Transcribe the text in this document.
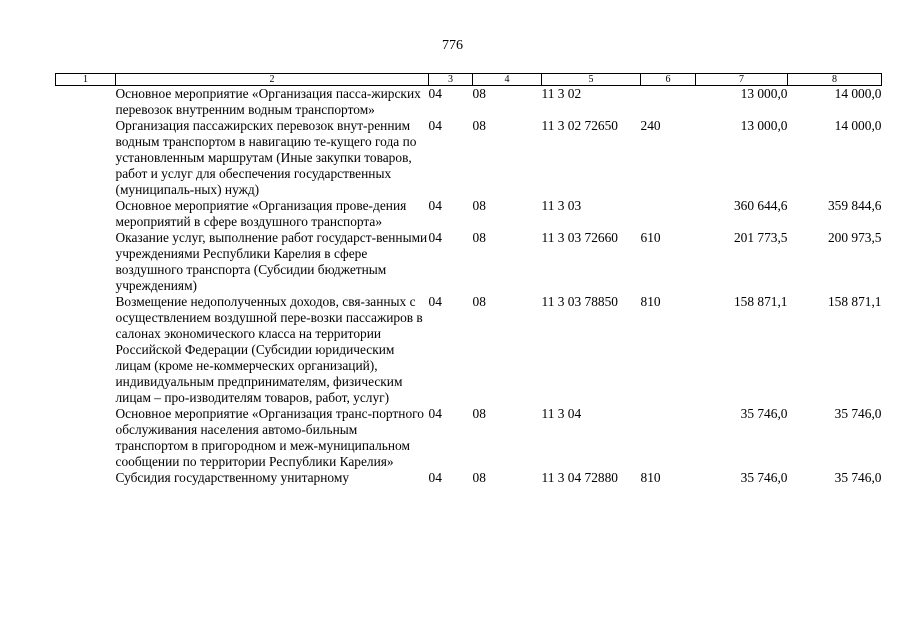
776
1	2	3	4	5	6	7	8
	Основное мероприятие «Организация пасса-жирских перевозок внутренним водным транспортом»	04	08	11 3 02		13 000,0	14 000,0
	Организация пассажирских перевозок внут-ренним водным транспортом в навигацию те-кущего года по установленным маршрутам (Иные закупки товаров, работ и услуг для обеспечения государственных (муниципаль-ных) нужд)	04	08	11 3 02 72650	240	13 000,0	14 000,0
	Основное мероприятие «Организация прове-дения мероприятий в сфере воздушного транспорта»	04	08	11 3 03		360 644,6	359 844,6
	Оказание услуг, выполнение работ государст-венными учреждениями Республики Карелия в сфере воздушного транспорта (Субсидии бюджетным учреждениям)	04	08	11 3 03 72660	610	201 773,5	200 973,5
	Возмещение недополученных доходов, свя-занных с осуществлением воздушной пере-возки пассажиров в салонах экономического класса на территории Российской Федерации (Субсидии юридическим лицам (кроме не-коммерческих организаций), индивидуальным предпринимателям, физическим лицам – про-изводителям товаров, работ, услуг)	04	08	11 3 03 78850	810	158 871,1	158 871,1
	Основное мероприятие «Организация транс-портного обслуживания населения автомо-бильным транспортом в пригородном и меж-муниципальном сообщении по территории Республики Карелия»	04	08	11 3 04		35 746,0	35 746,0
	Субсидия государственному унитарному	04	08	11 3 04 72880	810	35 746,0	35 746,0
